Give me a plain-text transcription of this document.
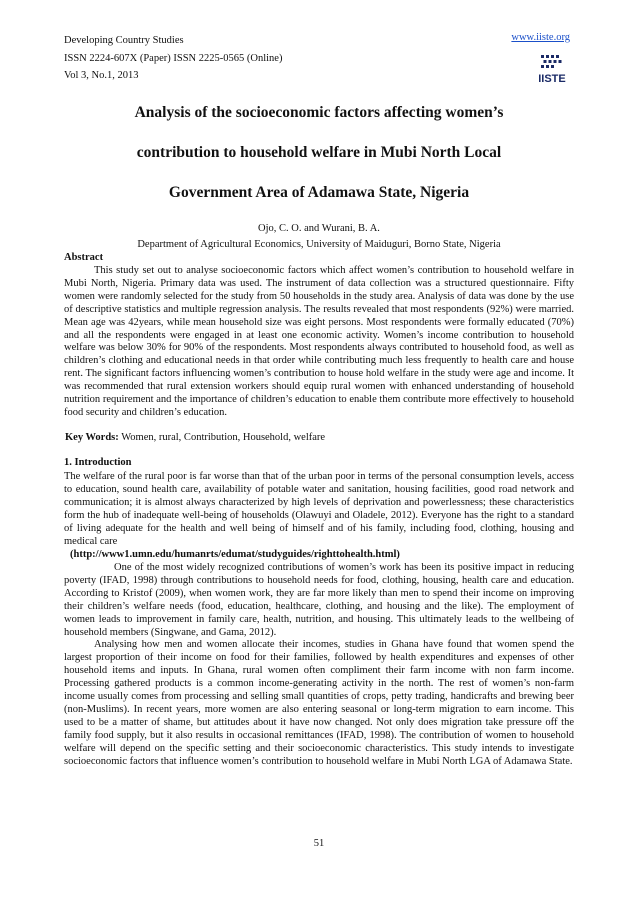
Developing Country Studies
ISSN 2224-607X (Paper) ISSN 2225-0565 (Online)
Vol 3, No.1, 2013
www.iiste.org
IISTE
Analysis of the socioeconomic factors affecting women’s
contribution to household welfare in Mubi North Local
Government Area of Adamawa State, Nigeria
Ojo, C. O. and Wurani, B. A.
Department of Agricultural Economics, University of Maiduguri, Borno State, Nigeria
Abstract

This study set out to analyse socioeconomic factors which affect women’s contribution to household welfare in Mubi North, Nigeria. Primary data was used. The instrument of data collection was a structured questionnaire. Fifty women were randomly selected for the study from 50 households in the study area. Analysis of data was done by the use of descriptive statistics and multiple regression analysis. The results revealed that most respondents (92%) were married. Mean age was 42years, while mean household size was eight persons. Most respondents were formally educated (70%) and all the respondents were engaged in at least one economic activity. Women’s income contribution to household welfare was below 30% for 90% of the respondents. Most respondents always contributed to household food, as well as children’s clothing and educational needs in that order while contributing much less frequently to health care and house rent. The significant factors influencing women’s contribution to house hold welfare in the study were age and income. It was recommended that rural extension workers should equip rural women with enhanced understanding of household nutrition requirement and the importance of children’s education to enable them contribute more effectively to household food security and children’s education.

Key Words: Women, rural, Contribution, Household, welfare
1. Introduction

The welfare of the rural poor is far worse than that of the urban poor in terms of the personal consumption levels, access to education, sound health care, availability of potable water and sanitation, housing facilities, good road network and communication; it is almost always characterized by high levels of deprivation and powerlessness; these characteristics form the hub of inadequate well-being of households (Olawuyi and Oladele, 2012). Everyone has the right to a standard of living adequate for the health and well being of himself and of his family, including food, clothing, housing and medical care

(http://www1.umn.edu/humanrts/edumat/studyguides/righttohealth.html)

One of the most widely recognized contributions of women’s work has been its positive impact in reducing poverty (IFAD, 1998) through contributions to household needs for food, clothing, housing, health care and education. According to Kristof (2009), when women work, they are far more likely than men to spend their income on improving their children’s welfare needs (food, education, healthcare, clothing, and housing and the like). The employment of women leads to improvement in family care, health, nutrition, and housing. This ultimately leads to the wellbeing of household members (Singwane, and Gama, 2012).

Analysing how men and women allocate their incomes, studies in Ghana have found that women spend the largest proportion of their income on food for their families, followed by health expenditures and expenses of other household items and inputs. In Ghana, rural women often compliment their farm income with non farm income. Processing gathered products is a common income-generating activity in the north. The rest of women’s non-farm income usually comes from processing and selling small quantities of crops, petty trading, handicrafts and brewing beer (non-Muslims). In recent years, more women are also entering seasonal or long-term migration to earn income. This used to be a matter of shame, but attitudes about it have now changed. Not only does migration take pressure off the family food supply, but it also results in occasional remittances (IFAD, 1998). The contribution of women to household welfare will depend on the specific setting and their socioeconomic characteristics. This study intends to investigate socioeconomic factors that influence women’s contribution to household welfare in Mubi North LGA of Adamawa State.

51
